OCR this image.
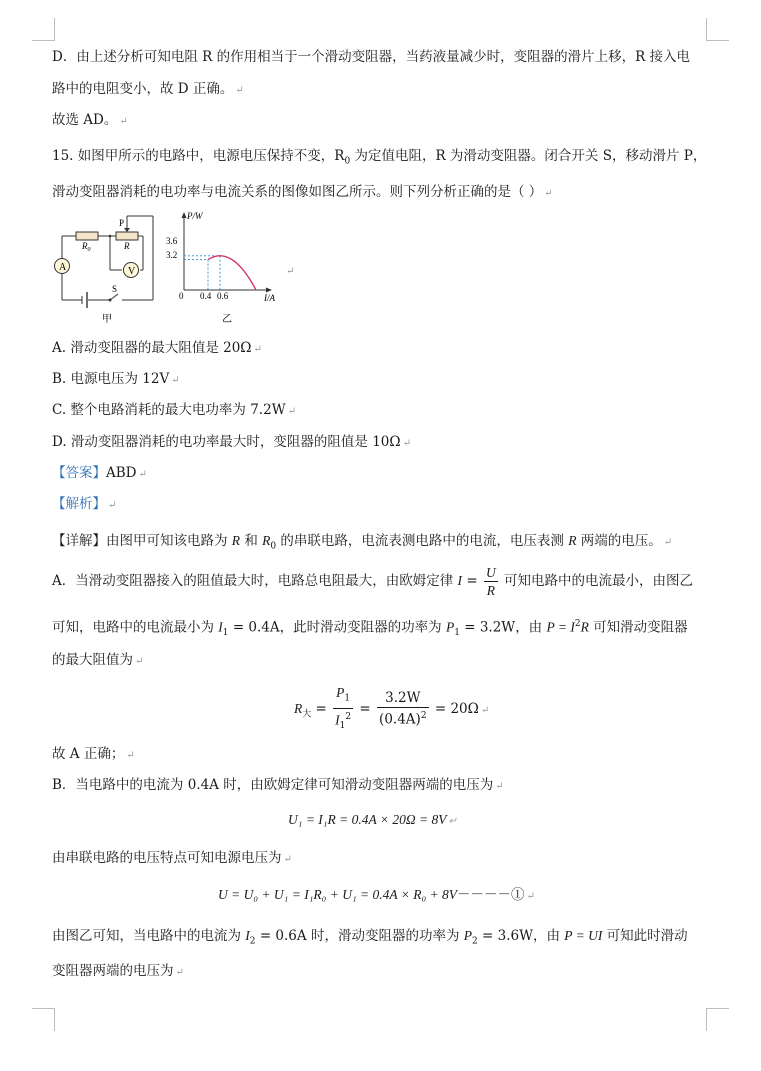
D．由上述分析可知电阻 R 的作用相当于一个滑动变阻器，当药液量减少时，变阻器的滑片上移，R 接入电
路中的电阻变小，故 D 正确。 ↵
故选 AD。 ↵
15. 如图甲所示的电路中，电源电压保持不变，$R_0$ 为定值电阻，R 为滑动变阻器。闭合开关 S，移动滑片 P，
滑动变阻器消耗的电功率与电流关系的图像如图乙所示。则下列分析正确的是（ ） ↵
A	V
P
$R_0$	R
S
甲
P/W
I/A
3.6
3.2
0 0.4 0.6
乙
↵
A. 滑动变阻器的最大阻值是 20Ω ↵
B. 电源电压为 12V ↵
C. 整个电路消耗的最大电功率为 7.2W ↵
D. 滑动变阻器消耗的电功率最大时，变阻器的阻值是 10Ω ↵
【答案】ABD ↵
【解析】 ↵
【详解】由图甲可知该电路为 R 和 $R_0$ 的串联电路，电流表测电路中的电流，电压表测 R 两端的电压。 ↵
A．当滑动变阻器接入的阻值最大时，电路总电阻最大，由欧姆定律 $I = \frac{U}{R}$ 可知电路中的电流最小，由图乙
可知，电路中的电流最小为 $I_1 = 0.4A$，此时滑动变阻器的功率为 $P_1 = 3.2W$，由 $P = I^2R$ 可知滑动变阻器
的最大阻值为 ↵
$R_大 = \frac{P_1}{I_1^2} = \frac{3.2W}{(0.4A)^2} = 20\Omega$ ↵
故 A 正确； ↵
B．当电路中的电流为 0.4A 时，由欧姆定律可知滑动变阻器两端的电压为 ↵
U₁ = I₁R = 0.4A × 20Ω = 8V ↵
由串联电路的电压特点可知电源电压为 ↵
U = U₀ + U₁ = I₁R₀ + U₁ = 0.4A × R₀ + 8V－－－－① ↵
由图乙可知，当电路中的电流为 $I_2 = 0.6A$ 时，滑动变阻器的功率为 $P_2 = 3.6W$，由 P = UI 可知此时滑动
变阻器两端的电压为 ↵
